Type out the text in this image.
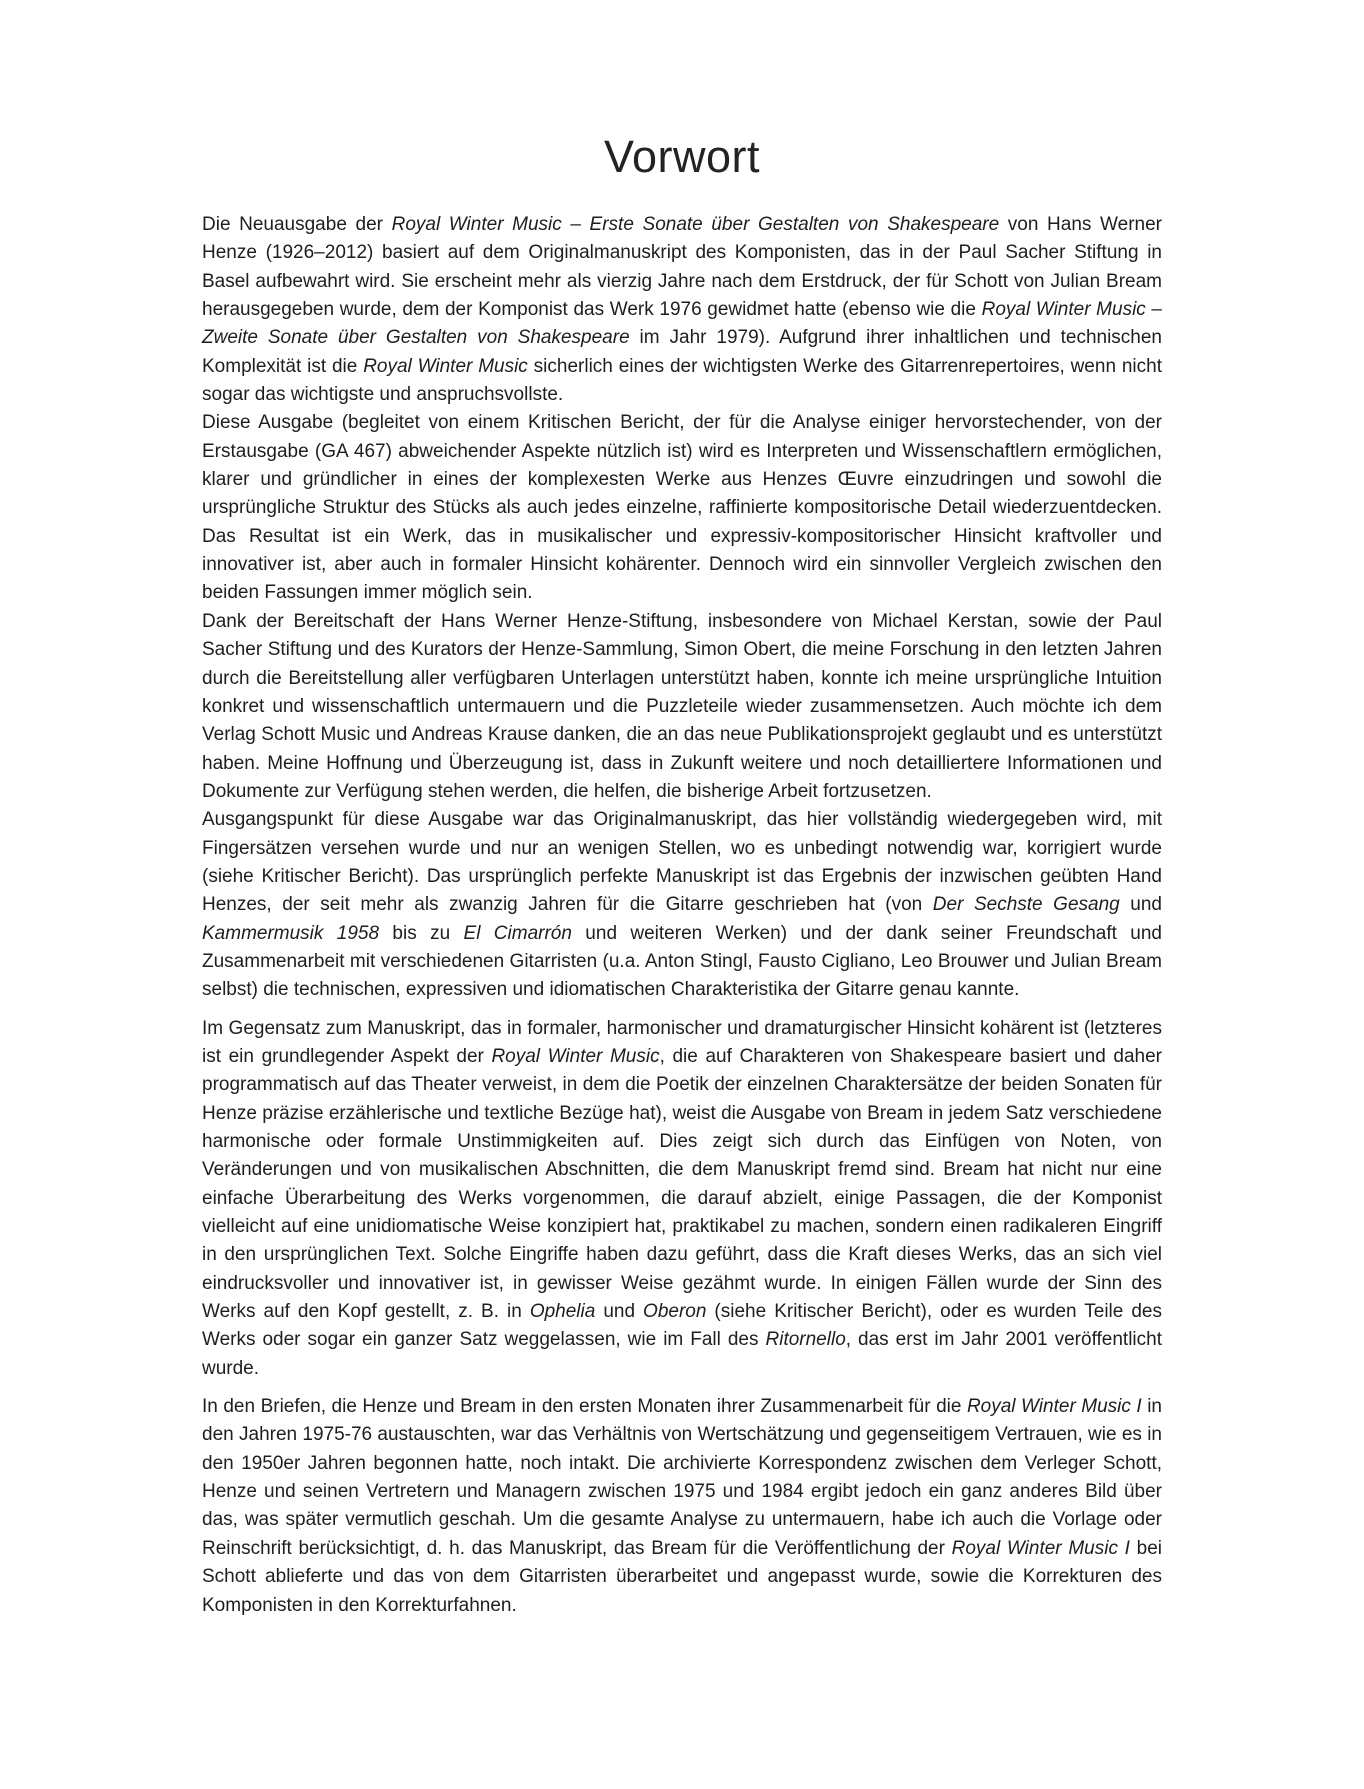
Vorwort

Die Neuausgabe der Royal Winter Music – Erste Sonate über Gestalten von Shakespeare von Hans Werner Henze (1926–2012) basiert auf dem Originalmanuskript des Komponisten, das in der Paul Sacher Stiftung in Basel aufbewahrt wird. Sie erscheint mehr als vierzig Jahre nach dem Erstdruck, der für Schott von Julian Bream herausgegeben wurde, dem der Komponist das Werk 1976 gewidmet hatte (ebenso wie die Royal Winter Music – Zweite Sonate über Gestalten von Shakespeare im Jahr 1979). Aufgrund ihrer inhaltlichen und technischen Komplexität ist die Royal Winter Music sicherlich eines der wichtigsten Werke des Gitarrenrepertoires, wenn nicht sogar das wichtigste und anspruchsvollste.

Diese Ausgabe (begleitet von einem Kritischen Bericht, der für die Analyse einiger hervorstechender, von der Erstausgabe (GA 467) abweichender Aspekte nützlich ist) wird es Interpreten und Wissenschaftlern ermöglichen, klarer und gründlicher in eines der komplexesten Werke aus Henzes Œuvre einzudringen und sowohl die ursprüngliche Struktur des Stücks als auch jedes einzelne, raffinierte kompositorische Detail wiederzuentdecken. Das Resultat ist ein Werk, das in musikalischer und expressiv-kompositorischer Hinsicht kraftvoller und innovativer ist, aber auch in formaler Hinsicht kohärenter. Dennoch wird ein sinnvoller Vergleich zwischen den beiden Fassungen immer möglich sein.

Dank der Bereitschaft der Hans Werner Henze-Stiftung, insbesondere von Michael Kerstan, sowie der Paul Sacher Stiftung und des Kurators der Henze-Sammlung, Simon Obert, die meine Forschung in den letzten Jahren durch die Bereitstellung aller verfügbaren Unterlagen unterstützt haben, konnte ich meine ursprüngliche Intuition konkret und wissenschaftlich untermauern und die Puzzleteile wieder zusammensetzen. Auch möchte ich dem Verlag Schott Music und Andreas Krause danken, die an das neue Publikationsprojekt geglaubt und es unterstützt haben. Meine Hoffnung und Überzeugung ist, dass in Zukunft weitere und noch detailliertere Informationen und Dokumente zur Verfügung stehen werden, die helfen, die bisherige Arbeit fortzusetzen.

Ausgangspunkt für diese Ausgabe war das Originalmanuskript, das hier vollständig wiedergegeben wird, mit Fingersätzen versehen wurde und nur an wenigen Stellen, wo es unbedingt notwendig war, korrigiert wurde (siehe Kritischer Bericht). Das ursprünglich perfekte Manuskript ist das Ergebnis der inzwischen geübten Hand Henzes, der seit mehr als zwanzig Jahren für die Gitarre geschrieben hat (von Der Sechste Gesang und Kammermusik 1958 bis zu El Cimarrón und weiteren Werken) und der dank seiner Freundschaft und Zusammenarbeit mit verschiedenen Gitarristen (u.a. Anton Stingl, Fausto Cigliano, Leo Brouwer und Julian Bream selbst) die technischen, expressiven und idiomatischen Charakteristika der Gitarre genau kannte.

Im Gegensatz zum Manuskript, das in formaler, harmonischer und dramaturgischer Hinsicht kohärent ist (letzteres ist ein grundlegender Aspekt der Royal Winter Music, die auf Charakteren von Shakespeare basiert und daher programmatisch auf das Theater verweist, in dem die Poetik der einzelnen Charaktersätze der beiden Sonaten für Henze präzise erzählerische und textliche Bezüge hat), weist die Ausgabe von Bream in jedem Satz verschiedene harmonische oder formale Unstimmigkeiten auf. Dies zeigt sich durch das Einfügen von Noten, von Veränderungen und von musikalischen Abschnitten, die dem Manuskript fremd sind. Bream hat nicht nur eine einfache Überarbeitung des Werks vorgenommen, die darauf abzielt, einige Passagen, die der Komponist vielleicht auf eine unidiomatische Weise konzipiert hat, praktikabel zu machen, sondern einen radikaleren Eingriff in den ursprünglichen Text. Solche Eingriffe haben dazu geführt, dass die Kraft dieses Werks, das an sich viel eindrucksvoller und innovativer ist, in gewisser Weise gezähmt wurde. In einigen Fällen wurde der Sinn des Werks auf den Kopf gestellt, z. B. in Ophelia und Oberon (siehe Kritischer Bericht), oder es wurden Teile des Werks oder sogar ein ganzer Satz weggelassen, wie im Fall des Ritornello, das erst im Jahr 2001 veröffentlicht wurde.

In den Briefen, die Henze und Bream in den ersten Monaten ihrer Zusammenarbeit für die Royal Winter Music I in den Jahren 1975-76 austauschten, war das Verhältnis von Wertschätzung und gegenseitigem Vertrauen, wie es in den 1950er Jahren begonnen hatte, noch intakt. Die archivierte Korrespondenz zwischen dem Verleger Schott, Henze und seinen Vertretern und Managern zwischen 1975 und 1984 ergibt jedoch ein ganz anderes Bild über das, was später vermutlich geschah. Um die gesamte Analyse zu untermauern, habe ich auch die Vorlage oder Reinschrift berücksichtigt, d. h. das Manuskript, das Bream für die Veröffentlichung der Royal Winter Music I bei Schott ablieferte und das von dem Gitarristen überarbeitet und angepasst wurde, sowie die Korrekturen des Komponisten in den Korrekturfahnen.
